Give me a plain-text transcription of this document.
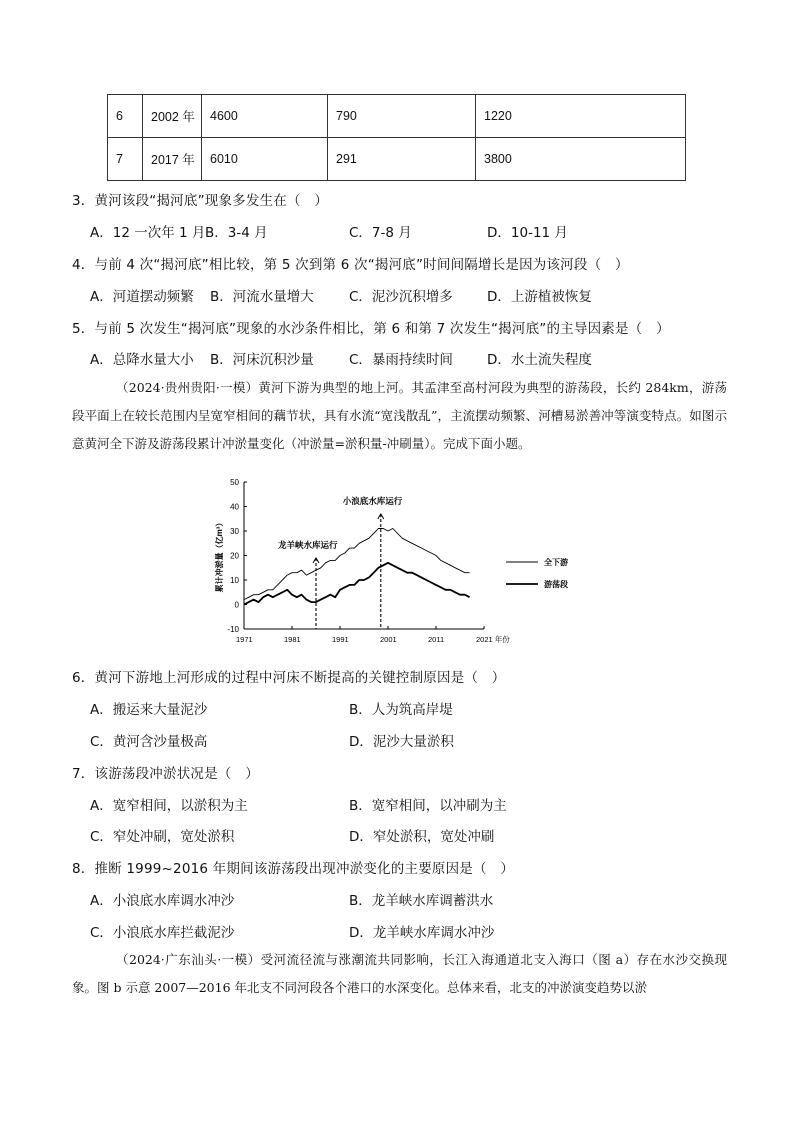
6	2002 年	4600	790	1220
7	2017 年	6010	291	3800
3．黄河该段“揭河底”现象多发生在（　）
A．12 一次年 1 月 B．3-4 月	C．7-8 月	D．10-11 月
4．与前 4 次“揭河底”相比较，第 5 次到第 6 次“揭河底”时间间隔增长是因为该河段（　）
A．河道摆动频繁 B．河流水量增大	C．泥沙沉积增多	D．上游植被恢复
5．与前 5 次发生“揭河底”现象的水沙条件相比，第 6 和第 7 次发生“揭河底”的主导因素是（　）
A．总降水量大小 B．河床沉积沙量	C．暴雨持续时间	D．水土流失程度
（2024·贵州贵阳·一模）黄河下游为典型的地上河。其孟津至高村河段为典型的游荡段，长约 284km，游荡段平面上在较长范围内呈宽窄相间的藕节状，具有水流“宽浅散乱”，主流摆动频繁、河槽易淤善冲等演变特点。如图示意黄河全下游及游荡段累计冲淤量变化（冲淤量=淤积量-冲刷量）。完成下面小题。
50
40
30
20
10
0
-10
1971	1981	1991	2001	2011	2021 年份
累计冲淤量（亿m³）	龙羊峡水库运行
小浪底水库运行
全下游
游荡段
6．黄河下游地上河形成的过程中河床不断提高的关键控制原因是（　）
A．搬运来大量泥沙	B．人为筑高岸堤
C．黄河含沙量极高	D．泥沙大量淤积
7．该游荡段冲淤状况是（　）
A．宽窄相间，以淤积为主	B．宽窄相间，以冲刷为主
C．窄处冲刷，宽处淤积	D．窄处淤积，宽处冲刷
8．推断 1999~2016 年期间该游荡段出现冲淤变化的主要原因是（　）
A．小浪底水库调水冲沙	B．龙羊峡水库调蓄洪水
C．小浪底水库拦截泥沙	D．龙羊峡水库调水冲沙
（2024·广东汕头·一模）受河流径流与涨潮流共同影响，长江入海通道北支入海口（图 a）存在水沙交换现象。图 b 示意 2007—2016 年北支不同河段各个港口的水深变化。总体来看，北支的冲淤演变趋势以淤
